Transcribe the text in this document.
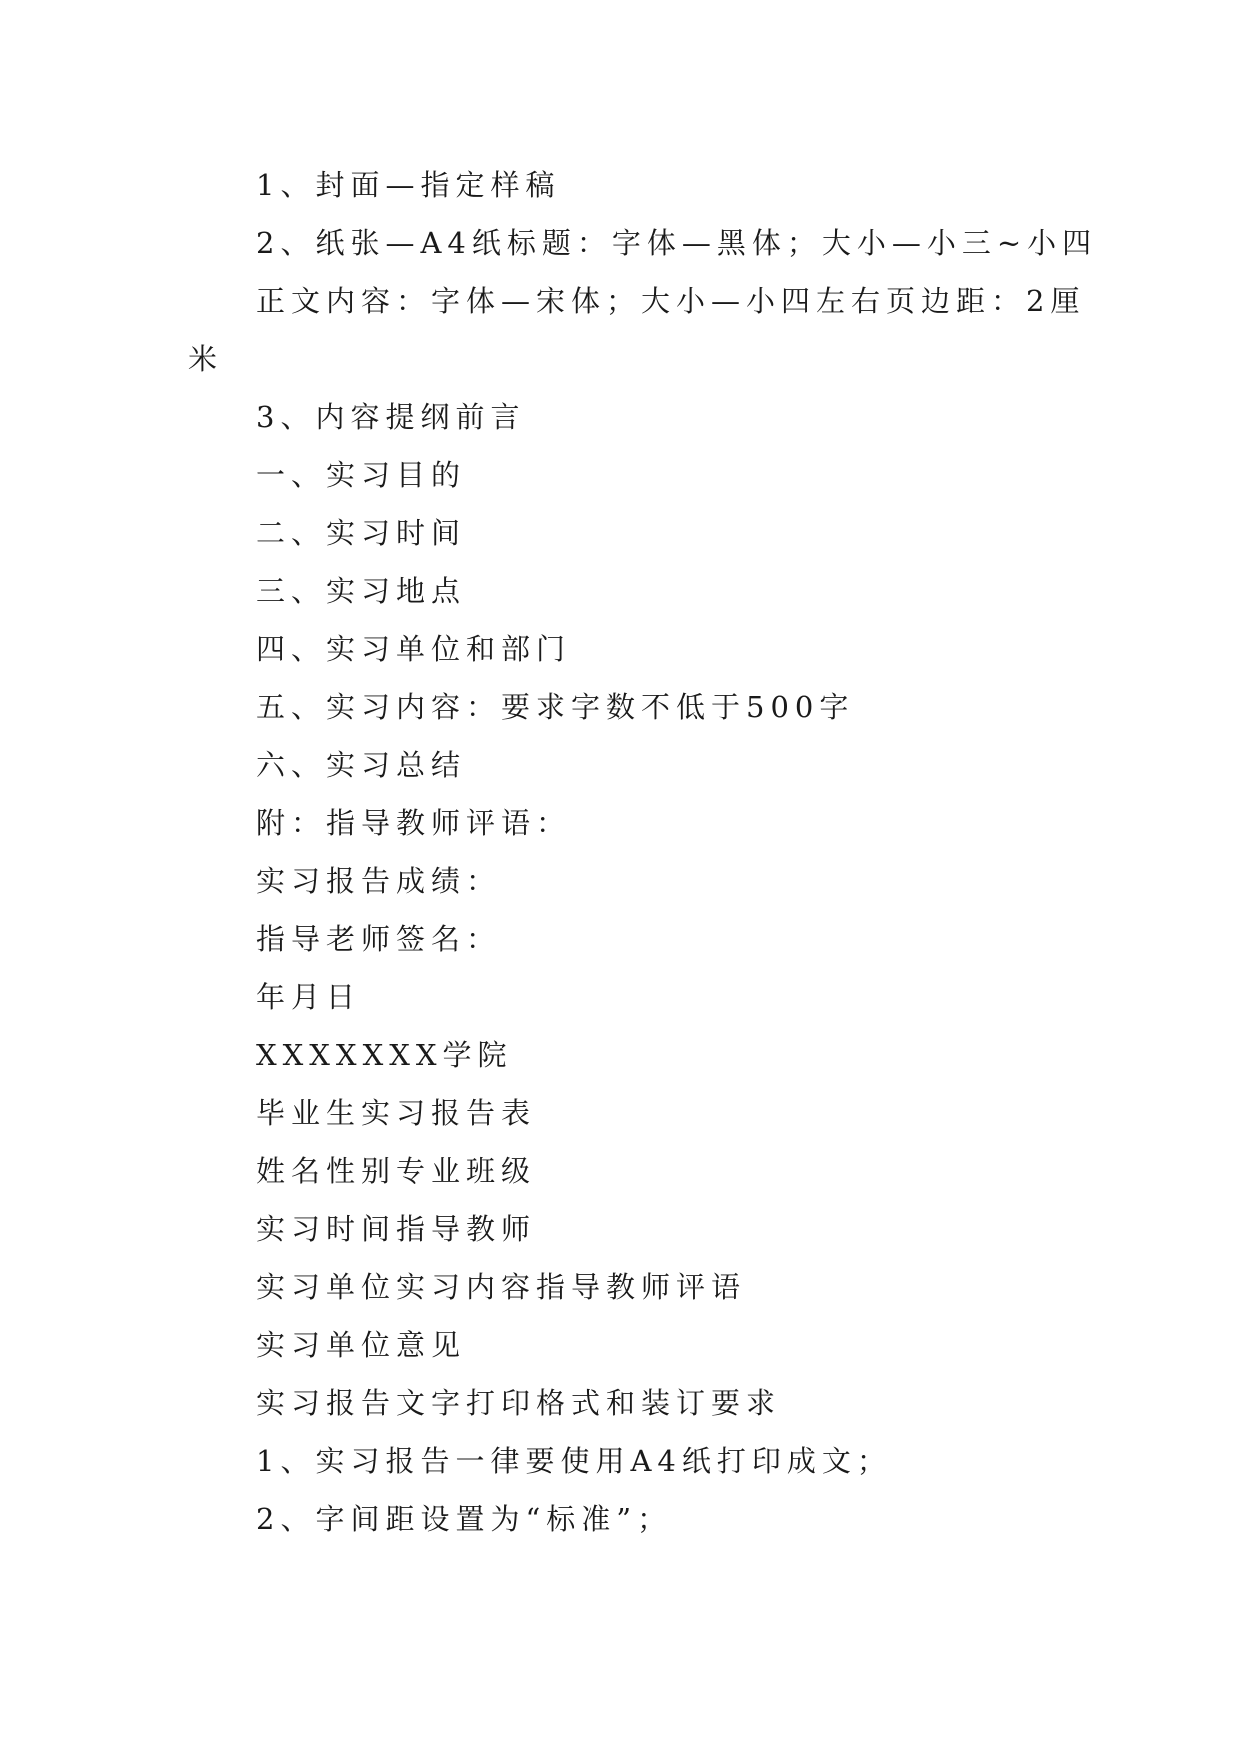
1、封面—指定样稿

2、纸张—A4纸标题：字体—黑体；大小—小三~小四

正文内容：字体—宋体；大小—小四左右页边距：2厘

米

3、内容提纲前言

一、实习目的

二、实习时间

三、实习地点

四、实习单位和部门

五、实习内容：要求字数不低于500字

六、实习总结

附：指导教师评语：

实习报告成绩：

指导老师签名：

年月日

XXXXXXX学院

毕业生实习报告表

姓名性别专业班级

实习时间指导教师

实习单位实习内容指导教师评语

实习单位意见

实习报告文字打印格式和装订要求

1、实习报告一律要使用A4纸打印成文；

2、字间距设置为“标准”；
